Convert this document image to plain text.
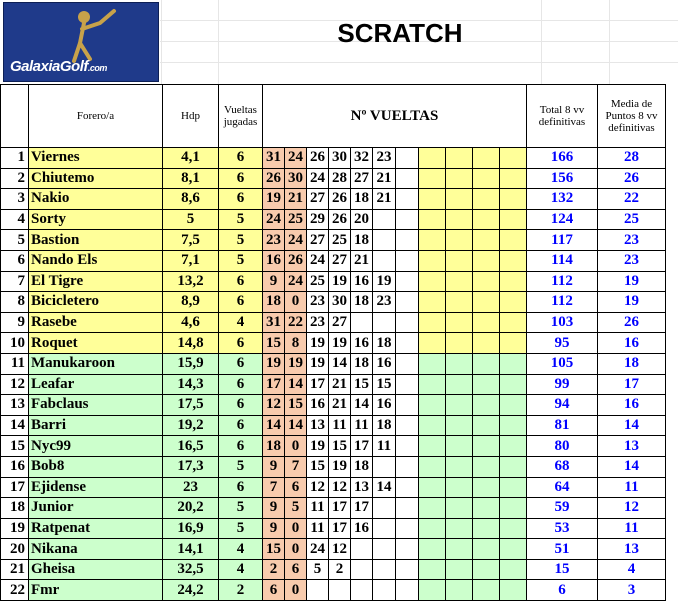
GalaxiaGolf.com
SCRATCH
	Forero/a	Hdp	Vueltas jugadas	Nº VUELTAS											Total 8 vv definitivas	Media de Puntos 8 vv definitivas
1	Viernes	4,1	6	31	24	26	30	32	23						166	28
2	Chiutemo	8,1	6	26	30	24	28	27	21						156	26
3	Nakio	8,6	6	19	21	27	26	18	21						132	22
4	Sorty	5	5	24	25	29	26	20							124	25
5	Bastion	7,5	5	23	24	27	25	18							117	23
6	Nando Els	7,1	5	16	26	24	27	21							114	23
7	El Tigre	13,2	6	9	24	25	19	16	19						112	19
8	Bicicletero	8,9	6	18	0	23	30	18	23						112	19
9	Rasebe	4,6	4	31	22	23	27								103	26
10	Roquet	14,8	6	15	8	19	19	16	18						95	16
11	Manukaroon	15,9	6	19	19	19	14	18	16						105	18
12	Leafar	14,3	6	17	14	17	21	15	15						99	17
13	Fabclaus	17,5	6	12	15	16	21	14	16						94	16
14	Barri	19,2	6	14	14	13	11	11	18						81	14
15	Nyc99	16,5	6	18	0	19	15	17	11						80	13
16	Bob8	17,3	5	9	7	15	19	18							68	14
17	Ejidense	23	6	7	6	12	12	13	14						64	11
18	Junior	20,2	5	9	5	11	17	17							59	12
19	Ratpenat	16,9	5	9	0	11	17	16							53	11
20	Nikana	14,1	4	15	0	24	12								51	13
21	Gheisa	32,5	4	2	6	5	2								15	4
22	Fmr	24,2	2	6	0										6	3
